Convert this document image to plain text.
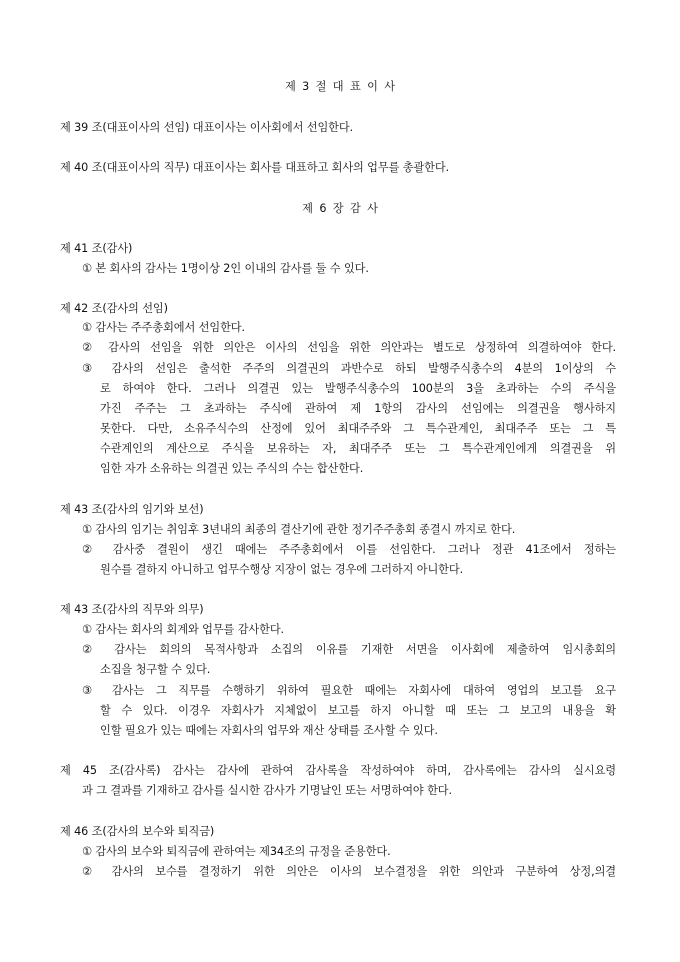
제 3 절 대 표 이 사
제 39 조(대표이사의 선임) 대표이사는 이사회에서 선임한다.
제 40 조(대표이사의 직무) 대표이사는 회사를 대표하고 회사의 업무를 총괄한다.
제 6 장 감 사
제 41 조(감사)
① 본 회사의 감사는 1명이상 2인 이내의 감사를 둘 수 있다.
제 42 조(감사의 선임)
① 감사는 주주총회에서 선임한다.
② 감사의 선임을 위한 의안은 이사의 선임을 위한 의안과는 별도로 상정하여 의결하여야 한다.
③ 감사의 선임은 출석한 주주의 의결권의 과반수로 하되 발행주식총수의 4분의 1이상의 수
로 하여야 한다. 그러나 의결권 있는 발행주식총수의 100분의 3을 초과하는 수의 주식을
가진 주주는 그 초과하는 주식에 관하여 제 1항의 감사의 선임에는 의결권을 행사하지
못한다. 다만, 소유주식수의 산정에 있어 최대주주와 그 특수관계인, 최대주주 또는 그 특
수관계인의 계산으로 주식을 보유하는 자, 최대주주 또는 그 특수관계인에게 의결권을 위
임한 자가 소유하는 의결권 있는 주식의 수는 합산한다.
제 43 조(감사의 임기와 보선)
① 감사의 임기는 취임후 3년내의 최종의 결산기에 관한 정기주주총회 종결시 까지로 한다.
② 감사중 결원이 생긴 때에는 주주총회에서 이를 선임한다. 그러나 정관 41조에서 정하는
원수를 결하지 아니하고 업무수행상 지장이 없는 경우에 그러하지 아니한다.
제 43 조(감사의 직무와 의무)
① 감사는 회사의 회계와 업무를 감사한다.
② 감사는 회의의 목적사항과 소집의 이유를 기재한 서면을 이사회에 제출하여 임시총회의
소집을 청구할 수 있다.
③ 감사는 그 직무를 수행하기 위하여 필요한 때에는 자회사에 대하여 영업의 보고를 요구
할 수 있다. 이경우 자회사가 지체없이 보고를 하지 아니할 때 또는 그 보고의 내용을 확
인할 필요가 있는 때에는 자회사의 업무와 재산 상태를 조사할 수 있다.
제 45 조(감사록) 감사는 감사에 관하여 감사록을 작성하여야 하며, 감사록에는 감사의 실시요령
과 그 결과를 기재하고 감사를 실시한 감사가 기명날인 또는 서명하여야 한다.
제 46 조(감사의 보수와 퇴직금)
① 감사의 보수와 퇴직금에 관하여는 제34조의 규정을 준용한다.
② 감사의 보수를 결정하기 위한 의안은 이사의 보수결정을 위한 의안과 구분하여 상정,의결
